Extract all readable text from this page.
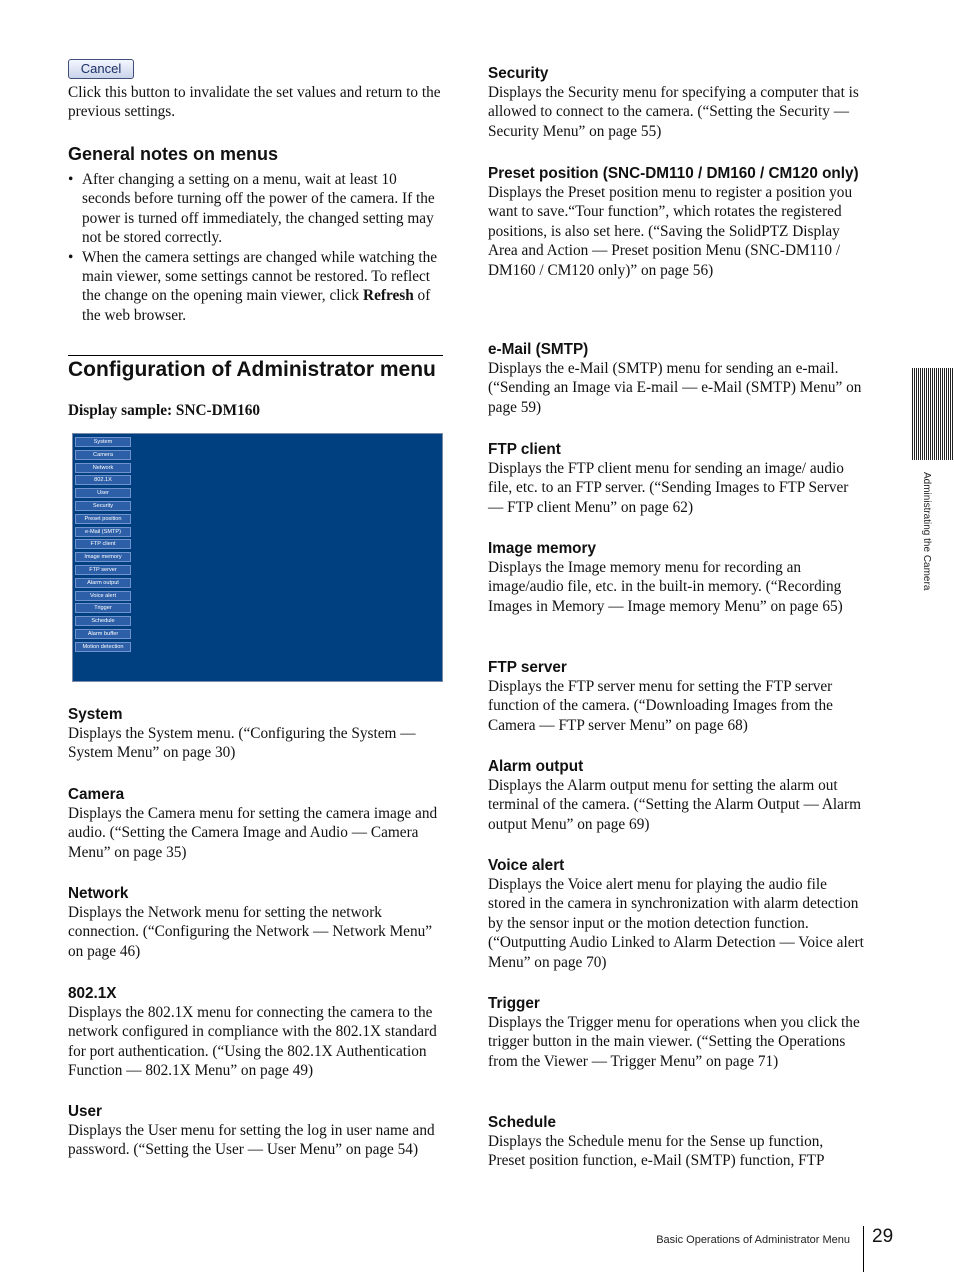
Cancel

Click this button to invalidate the set values and return to the previous settings.

General notes on menus
• After changing a setting on a menu, wait at least 10 seconds before turning off the power of the camera. If the power is turned off immediately, the changed setting may not be stored correctly.
• When the camera settings are changed while watching the main viewer, some settings cannot be restored. To reflect the change on the opening main viewer, click Refresh of the web browser.
Configuration of Administrator menu
Display sample: SNC-DM160
System
Camera
Network
802.1X
User
Security
Preset position
e-Mail (SMTP)
FTP client
Image memory
FTP server
Alarm output
Voice alert
Trigger
Schedule
Alarm buffer
Motion detection
System

Displays the System menu. (“Configuring the System — System Menu” on page 30)

Camera

Displays the Camera menu for setting the camera image and audio. (“Setting the Camera Image and Audio — Camera Menu” on page 35)

Network

Displays the Network menu for setting the network connection. (“Configuring the Network — Network Menu” on page 46)

802.1X

Displays the 802.1X menu for connecting the camera to the network configured in compliance with the 802.1X standard for port authentication. (“Using the 802.1X Authentication Function — 802.1X Menu” on page 49)

User

Displays the User menu for setting the log in user name and password. (“Setting the User — User Menu” on page 54)

Security

Displays the Security menu for specifying a computer that is allowed to connect to the camera. (“Setting the Security — Security Menu” on page 55)

Preset position (SNC-DM110 / DM160 / CM120 only)

Displays the Preset position menu to register a position you want to save.“Tour function”, which rotates the registered positions, is also set here. (“Saving the SolidPTZ Display Area and Action — Preset position Menu (SNC-DM110 / DM160 / CM120 only)” on page 56)

e-Mail (SMTP)

Displays the e-Mail (SMTP) menu for sending an e-mail. (“Sending an Image via E-mail — e-Mail (SMTP) Menu” on page 59)

FTP client

Displays the FTP client menu for sending an image/ audio file, etc. to an FTP server. (“Sending Images to FTP Server — FTP client Menu” on page 62)

Image memory

Displays the Image memory menu for recording an image/audio file, etc. in the built-in memory. (“Recording Images in Memory — Image memory Menu” on page 65)

FTP server

Displays the FTP server menu for setting the FTP server function of the camera. (“Downloading Images from the Camera — FTP server Menu” on page 68)

Alarm output

Displays the Alarm output menu for setting the alarm out terminal of the camera. (“Setting the Alarm Output — Alarm output Menu” on page 69)

Voice alert

Displays the Voice alert menu for playing the audio file stored in the camera in synchronization with alarm detection by the sensor input or the motion detection function. (“Outputting Audio Linked to Alarm Detection — Voice alert Menu” on page 70)

Trigger

Displays the Trigger menu for operations when you click the trigger button in the main viewer. (“Setting the Operations from the Viewer — Trigger Menu” on page 71)

Schedule

Displays the Schedule menu for the Sense up function, Preset position function, e-Mail (SMTP) function, FTP

Administrating the Camera
Basic Operations of Administrator Menu 29
